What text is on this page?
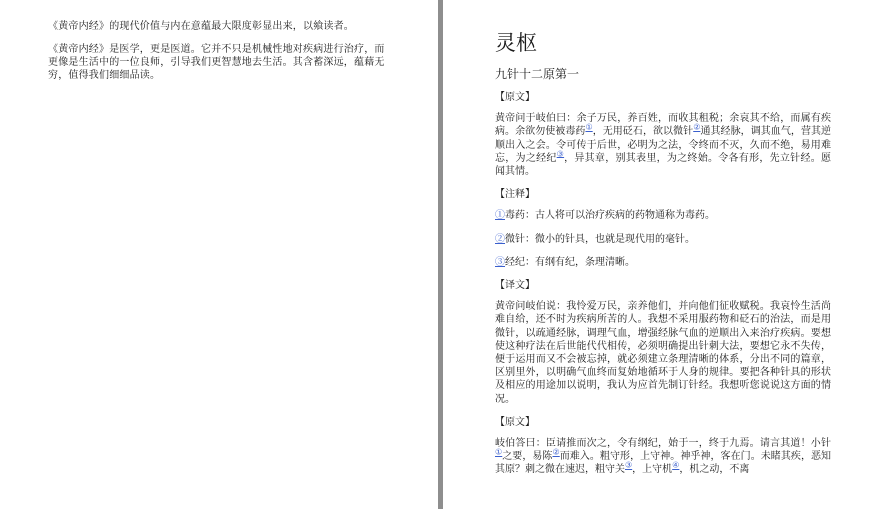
《黄帝内经》的现代价值与内在意蕴最大限度彰显出来，以飨读者。

《黄帝内经》是医学，更是医道。它并不只是机械性地对疾病进行治疗，而更像是生活中的一位良师，引导我们更智慧地去生活。其含蓄深远，蕴藉无穷，值得我们细细品读。

灵枢
九针十二原第一
【原文】
黄帝问于岐伯曰：余子万民，养百姓，而收其租税；余哀其不给，而属有疾病。余欲勿使被毒药①，无用砭石，欲以微针②通其经脉，调其血气，营其逆顺出入之会。令可传于后世，必明为之法，令终而不灭，久而不绝，易用难忘，为之经纪③，异其章，别其表里，为之终始。令各有形，先立针经。愿闻其情。
【注释】
①毒药：古人将可以治疗疾病的药物通称为毒药。
②微针：微小的针具，也就是现代用的毫针。
③经纪：有纲有纪，条理清晰。
【译文】
黄帝问岐伯说：我怜爱万民，亲养他们，并向他们征收赋税。我哀怜生活尚难自给，还不时为疾病所苦的人。我想不采用服药物和砭石的治法，而是用微针，以疏通经脉，调理气血，增强经脉气血的逆顺出入来治疗疾病。要想使这种疗法在后世能代代相传，必须明确提出针刺大法，要想它永不失传，便于运用而又不会被忘掉，就必须建立条理清晰的体系，分出不同的篇章，区别里外，以明确气血终而复始地循环于人身的规律。要把各种针具的形状及相应的用途加以说明，我认为应首先制订针经。我想听您说说这方面的情况。
【原文】
岐伯答曰：臣请推而次之，令有纲纪，始于一，终于九焉。请言其道！小针①之要，易陈②而难入。粗守形，上守神。神乎神，客在门。未睹其疾，恶知其原？刺之微在速迟，粗守关③，上守机④，机之动，不离
